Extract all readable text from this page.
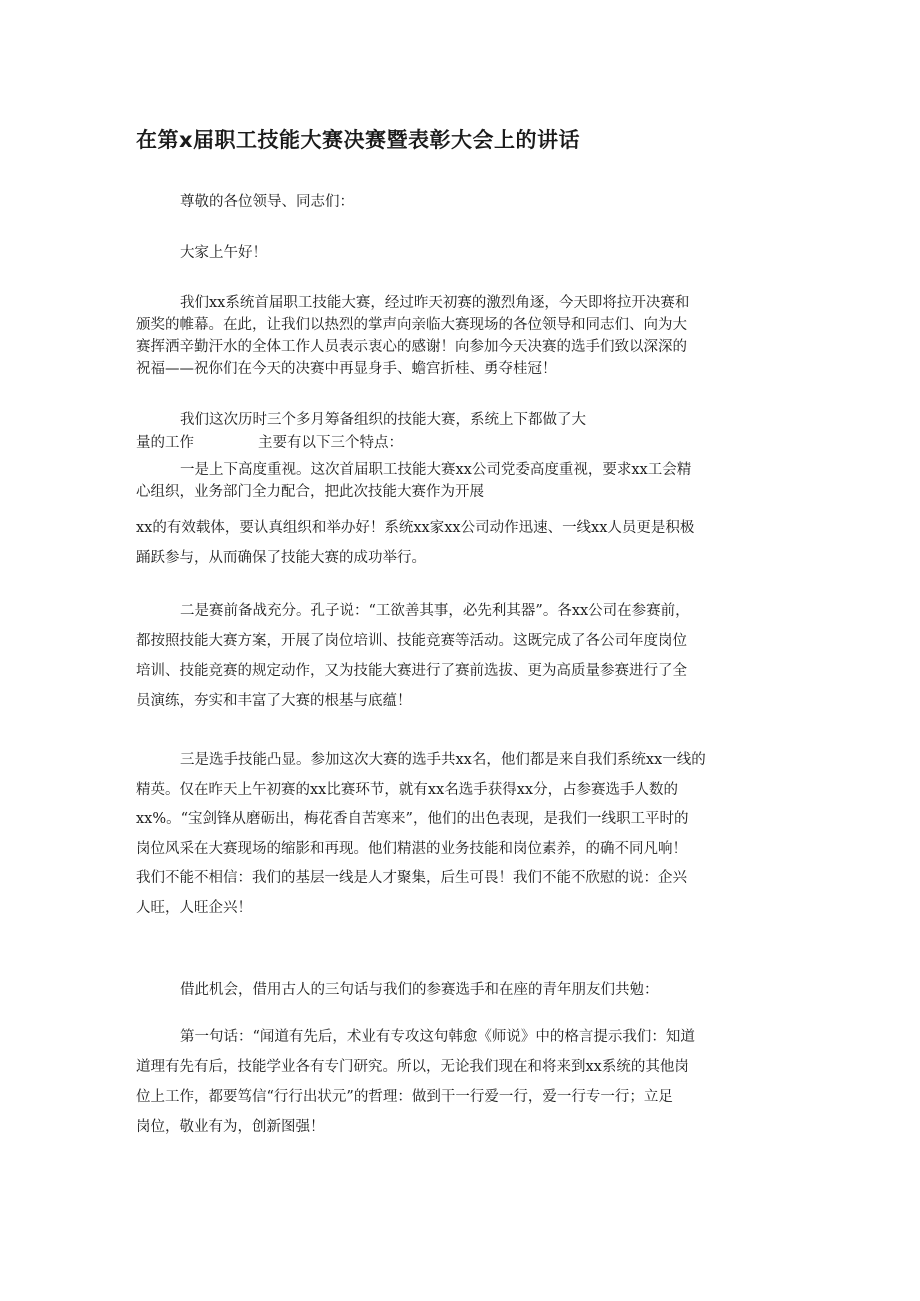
在第ⅹ届职工技能大赛决赛暨表彰大会上的讲话

尊敬的各位领导、同志们：

大家上午好！

我们xx系统首届职工技能大赛，经过昨天初赛的激烈角逐，今天即将拉开决赛和
颁奖的帷幕。在此，让我们以热烈的掌声向亲临大赛现场的各位领导和同志们、向为大
赛挥洒辛勤汗水的全体工作人员表示衷心的感谢！向参加今天决赛的选手们致以深深的
祝福——祝你们在今天的决赛中再显身手、蟾宫折桂、勇夺桂冠！

我们这次历时三个多月筹备组织的技能大赛，系统上下都做了大
量的工作	主要有以下三个特点：

一是上下高度重视。这次首届职工技能大赛xx公司党委高度重视，要求xx工会精
心组织，业务部门全力配合，把此次技能大赛作为开展
xx的有效载体，要认真组织和举办好！系统xx家xx公司动作迅速、一线xx人员更是积极
踊跃参与，从而确保了技能大赛的成功举行。

二是赛前备战充分。孔子说：“工欲善其事，必先利其器”。各xx公司在参赛前，
都按照技能大赛方案，开展了岗位培训、技能竞赛等活动。这既完成了各公司年度岗位
培训、技能竞赛的规定动作，又为技能大赛进行了赛前选拔、更为高质量参赛进行了全
员演练，夯实和丰富了大赛的根基与底蕴！

三是选手技能凸显。参加这次大赛的选手共xx名，他们都是来自我们系统xx一线的
精英。仅在昨天上午初赛的xx比赛环节，就有xx名选手获得xx分，占参赛选手人数的
xx%。“宝剑锋从磨砺出，梅花香自苦寒来”，他们的出色表现，是我们一线职工平时的
岗位风采在大赛现场的缩影和再现。他们精湛的业务技能和岗位素养，的确不同凡响！
我们不能不相信：我们的基层一线是人才聚集，后生可畏！我们不能不欣慰的说：企兴
人旺，人旺企兴！

借此机会，借用古人的三句话与我们的参赛选手和在座的青年朋友们共勉：

第一句话：“闻道有先后，术业有专攻这句韩愈《师说》中的格言提示我们：知道
道理有先有后，技能学业各有专门研究。所以，无论我们现在和将来到xx系统的其他岗
位上工作，都要笃信“行行出状元”的哲理：做到干一行爱一行，爱一行专一行；立足
岗位，敬业有为，创新图强！
